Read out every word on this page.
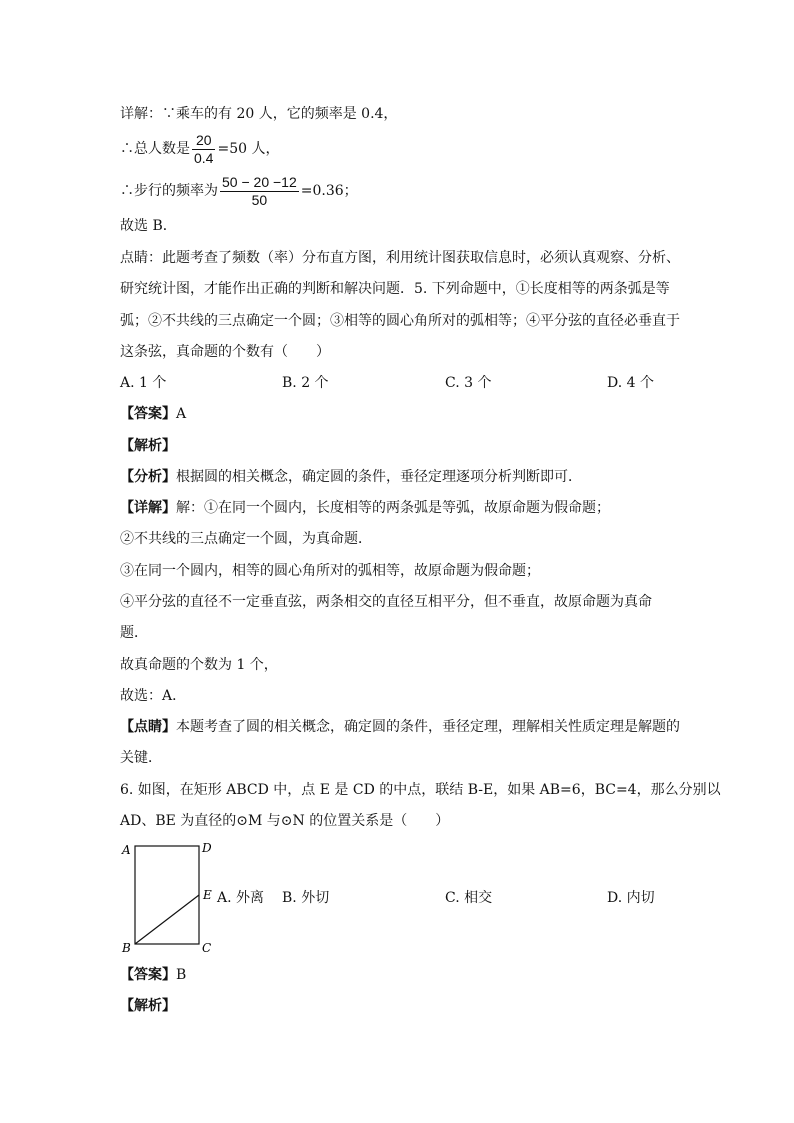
详解：∵乘车的有 20 人，它的频率是 0.4，
∴总人数是 $\frac{20}{0.4} =50$ 人，
∴步行的频率为 $\frac{50 - 20 -12}{50} =0.36$；
故选 B．
点睛：此题考查了频数（率）分布直方图，利用统计图获取信息时，必须认真观察、分析、
研究统计图，才能作出正确的判断和解决问题．5. 下列命题中，①长度相等的两条弧是等
弧；②不共线的三点确定一个圆；③相等的圆心角所对的弧相等；④平分弦的直径必垂直于
这条弦，真命题的个数有（　　）
A. 1 个	B. 2 个	C. 3 个	D. 4 个
【答案】A
【解析】
【分析】根据圆的相关概念，确定圆的条件，垂径定理逐项分析判断即可．
【详解】解：①在同一个圆内，长度相等的两条弧是等弧，故原命题为假命题；
②不共线的三点确定一个圆，为真命题．
③在同一个圆内，相等的圆心角所对的弧相等，故原命题为假命题；
④平分弦的直径不一定垂直弦，两条相交的直径互相平分，但不垂直，故原命题为真命
题．
故真命题的个数为 1 个，
故选：A．
【点睛】本题考查了圆的相关概念，确定圆的条件，垂径定理，理解相关性质定理是解题的
关键．
6. 如图，在矩形 ABCD 中，点 E 是 CD 的中点，联结 B-E，如果 AB=6，BC=4，那么分别以
AD、BE 为直径的⊙M 与⊙N 的位置关系是（　　）
A	D
E
B	C
A. 外离 B. 外切	C. 相交	D. 内切
【答案】B
【解析】
